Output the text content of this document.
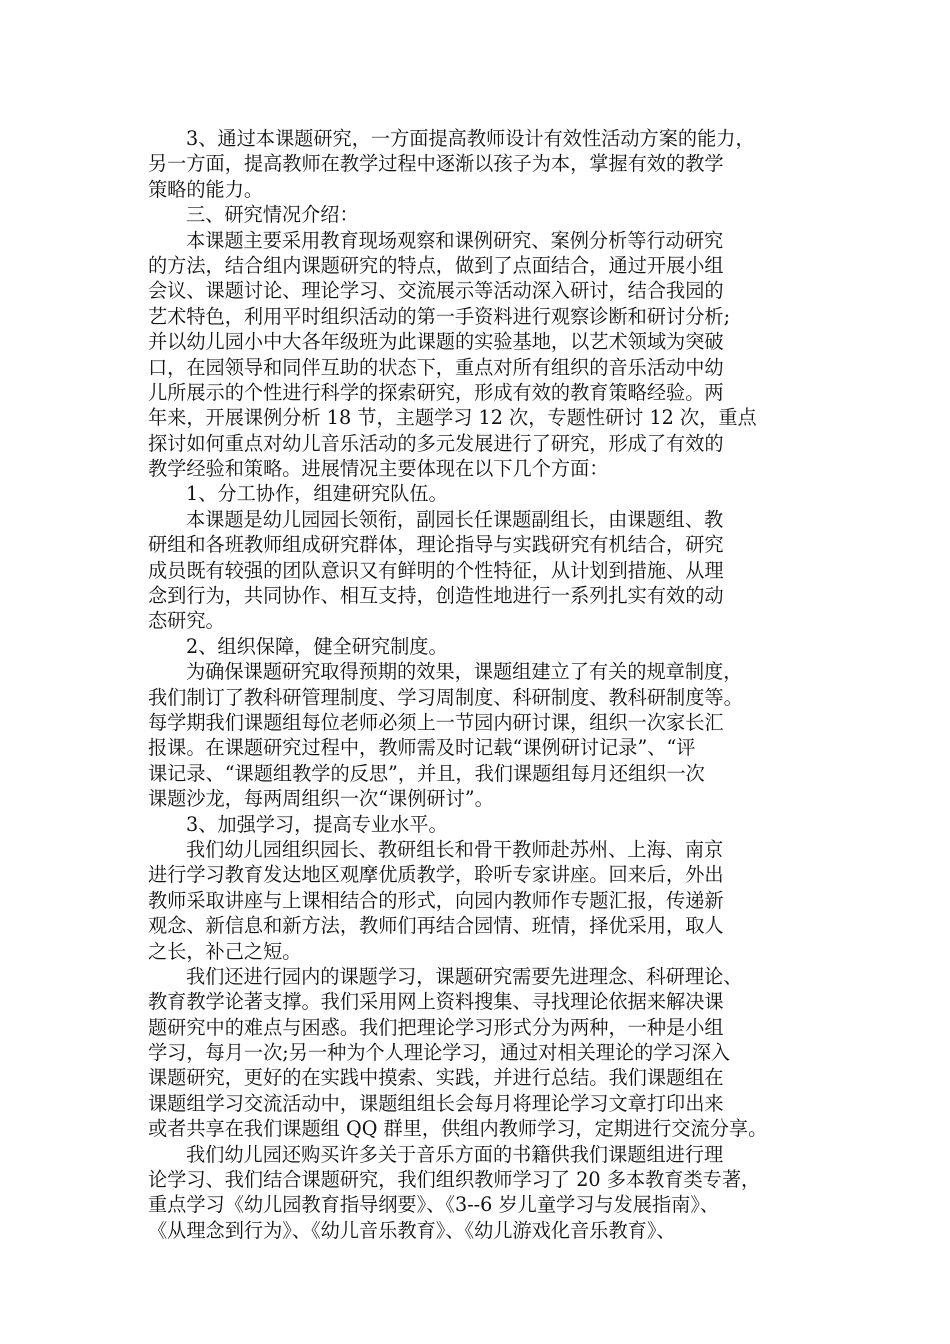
3、通过本课题研究，一方面提高教师设计有效性活动方案的能力，
另一方面，提高教师在教学过程中逐渐以孩子为本，掌握有效的教学
策略的能力。
三、研究情况介绍：
本课题主要采用教育现场观察和课例研究、案例分析等行动研究
的方法，结合组内课题研究的特点，做到了点面结合，通过开展小组
会议、课题讨论、理论学习、交流展示等活动深入研讨，结合我园的
艺术特色，利用平时组织活动的第一手资料进行观察诊断和研讨分析;
并以幼儿园小中大各年级班为此课题的实验基地，以艺术领域为突破
口，在园领导和同伴互助的状态下，重点对所有组织的音乐活动中幼
儿所展示的个性进行科学的探索研究，形成有效的教育策略经验。两
年来，开展课例分析 18 节，主题学习 12 次，专题性研讨 12 次，重点
探讨如何重点对幼儿音乐活动的多元发展进行了研究，形成了有效的
教学经验和策略。进展情况主要体现在以下几个方面：
1、分工协作，组建研究队伍。
本课题是幼儿园园长领衔，副园长任课题副组长，由课题组、教
研组和各班教师组成研究群体，理论指导与实践研究有机结合，研究
成员既有较强的团队意识又有鲜明的个性特征，从计划到措施、从理
念到行为，共同协作、相互支持，创造性地进行一系列扎实有效的动
态研究。
2、组织保障，健全研究制度。
为确保课题研究取得预期的效果，课题组建立了有关的规章制度，
我们制订了教科研管理制度、学习周制度、科研制度、教科研制度等。
每学期我们课题组每位老师必须上一节园内研讨课，组织一次家长汇
报课。在课题研究过程中，教师需及时记载“课例研讨记录”、“评
课记录、“课题组教学的反思”，并且，我们课题组每月还组织一次
课题沙龙，每两周组织一次“课例研讨”。
3、加强学习，提高专业水平。
我们幼儿园组织园长、教研组长和骨干教师赴苏州、上海、南京
进行学习教育发达地区观摩优质教学，聆听专家讲座。回来后，外出
教师采取讲座与上课相结合的形式，向园内教师作专题汇报，传递新
观念、新信息和新方法，教师们再结合园情、班情，择优采用，取人
之长，补己之短。
我们还进行园内的课题学习，课题研究需要先进理念、科研理论、
教育教学论著支撑。我们采用网上资料搜集、寻找理论依据来解决课
题研究中的难点与困惑。我们把理论学习形式分为两种，一种是小组
学习，每月一次;另一种为个人理论学习，通过对相关理论的学习深入
课题研究，更好的在实践中摸索、实践，并进行总结。我们课题组在
课题组学习交流活动中，课题组组长会每月将理论学习文章打印出来
或者共享在我们课题组 QQ 群里，供组内教师学习，定期进行交流分享。
我们幼儿园还购买许多关于音乐方面的书籍供我们课题组进行理
论学习、我们结合课题研究，我们组织教师学习了 20 多本教育类专著，
重点学习《幼儿园教育指导纲要》、《3--6 岁儿童学习与发展指南》、
《从理念到行为》、《幼儿音乐教育》、《幼儿游戏化音乐教育》、
